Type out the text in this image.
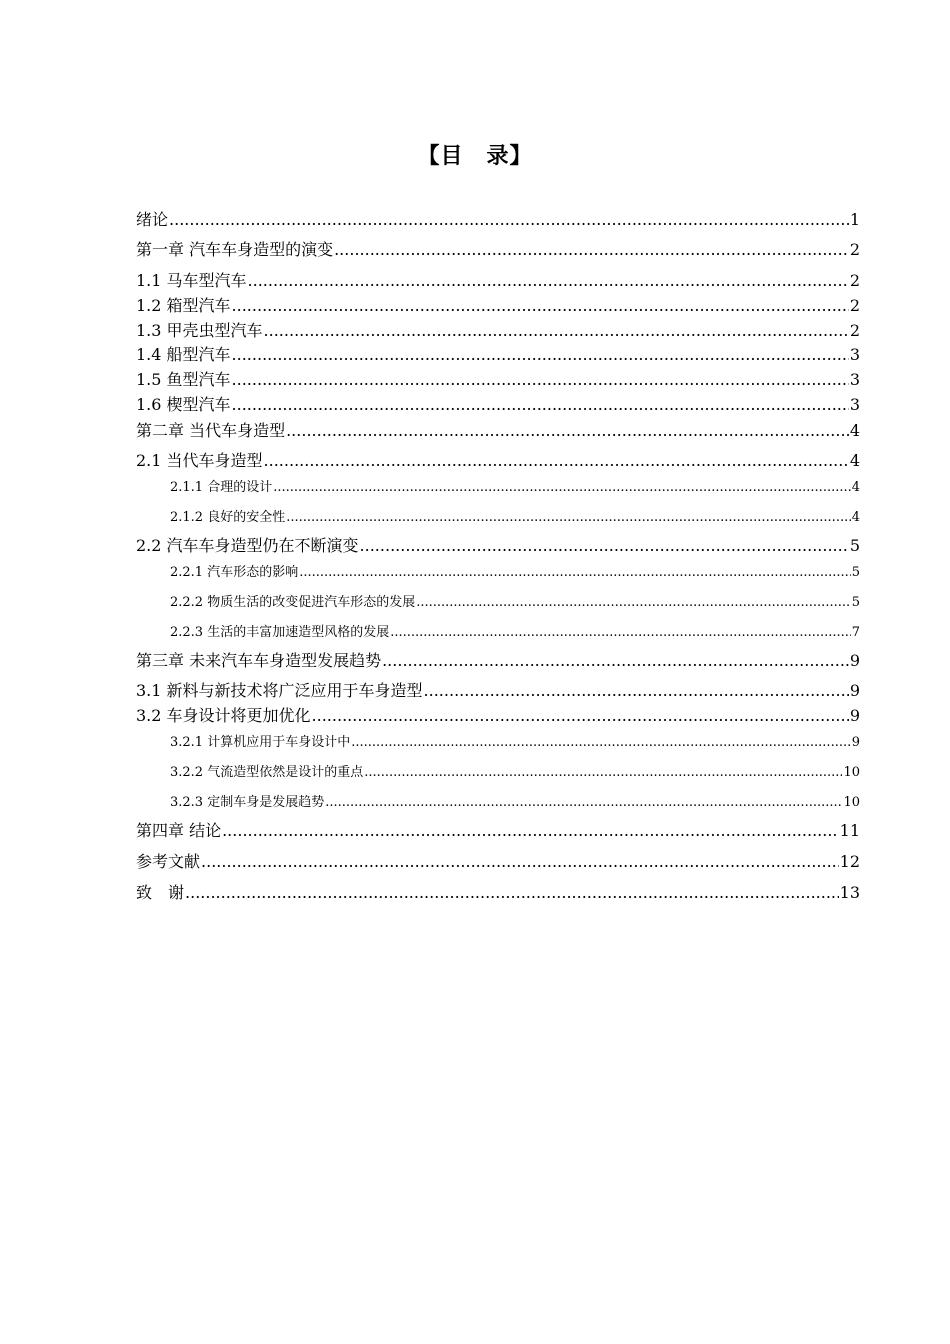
【目　录】
绪论 .....	1
第一章 汽车车身造型的演变 .....	2
1.1 马车型汽车 .....	2
1.2 箱型汽车 .....	2
1.3 甲壳虫型汽车 .....	2
1.4 船型汽车 .....	3
1.5 鱼型汽车 .....	3
1.6 楔型汽车 .....	3
第二章 当代车身造型 .....	4
2.1 当代车身造型 .....	4
2.1.1 合理的设计 .....	4
2.1.2 良好的安全性 .....	4
2.2 汽车车身造型仍在不断演变 .....	5
2.2.1 汽车形态的影响 .....	5
2.2.2 物质生活的改变促进汽车形态的发展 .....	5
2.2.3 生活的丰富加速造型风格的发展 .....	7
第三章 未来汽车车身造型发展趋势 .....	9
3.1 新料与新技术将广泛应用于车身造型 .....	9
3.2 车身设计将更加优化 .....	9
3.2.1 计算机应用于车身设计中 .....	9
3.2.2 气流造型依然是设计的重点 .....	10
3.2.3 定制车身是发展趋势 .....	10
第四章 结论 .....	11
参考文献 .....	12
致　谢 .....	13
